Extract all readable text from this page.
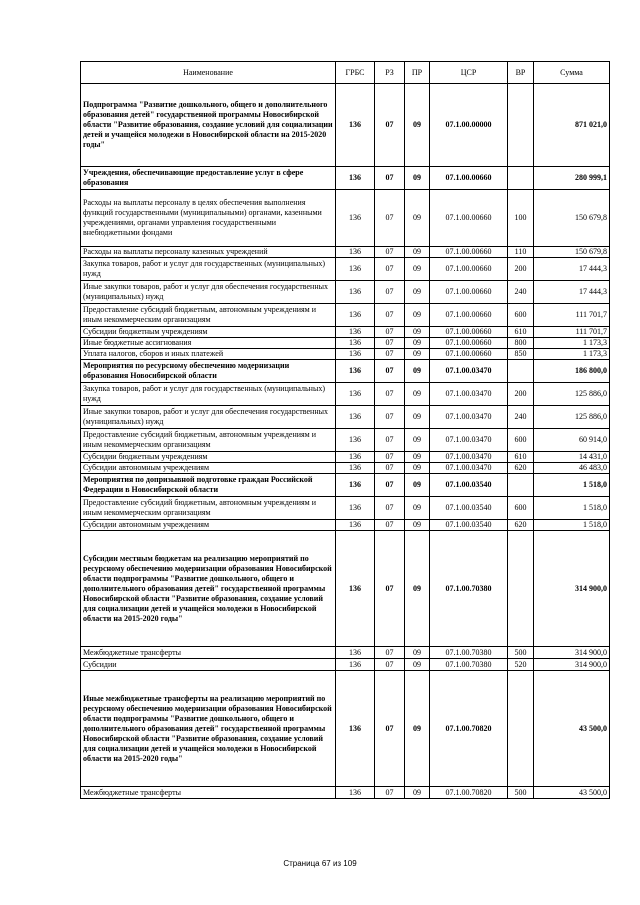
Наименование	ГРБС	РЗ	ПР	ЦСР	ВР	Сумма
Подпрограмма "Развитие дошкольного, общего и дополнительного образования детей" государственной программы Новосибирской области "Развитие образования, создание условий для социализации детей и учащейся молодежи в Новосибирской области на 2015-2020 годы"	136	07	09	07.1.00.00000		871 021,0
Учреждения, обеспечивающие предоставление услуг в сфере образования	136	07	09	07.1.00.00660		280 999,1
Расходы на выплаты персоналу в целях обеспечения выполнения функций государственными (муниципальными) органами, казенными учреждениями, органами управления государственными внебюджетными фондами	136	07	09	07.1.00.00660	100	150 679,8
Расходы на выплаты персоналу казенных учреждений	136	07	09	07.1.00.00660	110	150 679,8
Закупка товаров, работ и услуг для государственных (муниципальных) нужд	136	07	09	07.1.00.00660	200	17 444,3
Иные закупки товаров, работ и услуг для обеспечения государственных (муниципальных) нужд	136	07	09	07.1.00.00660	240	17 444,3
Предоставление субсидий бюджетным, автономным учреждениям и иным некоммерческим организациям	136	07	09	07.1.00.00660	600	111 701,7
Субсидии бюджетным учреждениям	136	07	09	07.1.00.00660	610	111 701,7
Иные бюджетные ассигнования	136	07	09	07.1.00.00660	800	1 173,3
Уплата налогов, сборов и иных платежей	136	07	09	07.1.00.00660	850	1 173,3
Мероприятия по ресурсному обеспечению модернизации образования Новосибирской области	136	07	09	07.1.00.03470		186 800,0
Закупка товаров, работ и услуг для государственных (муниципальных) нужд	136	07	09	07.1.00.03470	200	125 886,0
Иные закупки товаров, работ и услуг для обеспечения государственных (муниципальных) нужд	136	07	09	07.1.00.03470	240	125 886,0
Предоставление субсидий бюджетным, автономным учреждениям и иным некоммерческим организациям	136	07	09	07.1.00.03470	600	60 914,0
Субсидии бюджетным учреждениям	136	07	09	07.1.00.03470	610	14 431,0
Субсидии автономным учреждениям	136	07	09	07.1.00.03470	620	46 483,0
Мероприятия по допризывной подготовке граждан Российской Федерации в Новосибирской области	136	07	09	07.1.00.03540		1 518,0
Предоставление субсидий бюджетным, автономным учреждениям и иным некоммерческим организациям	136	07	09	07.1.00.03540	600	1 518,0
Субсидии автономным учреждениям	136	07	09	07.1.00.03540	620	1 518,0
Субсидии местным бюджетам на реализацию мероприятий по ресурсному обеспечению модернизации образования Новосибирской области подпрограммы "Развитие дошкольного, общего и дополнительного образования детей" государственной программы Новосибирской области "Развитие образования, создание условий для социализации детей и учащейся молодежи в Новосибирской области на 2015-2020 годы"	136	07	09	07.1.00.70380		314 900,0
Межбюджетные трансферты	136	07	09	07.1.00.70380	500	314 900,0
Субсидии	136	07	09	07.1.00.70380	520	314 900,0
Иные межбюджетные трансферты на реализацию мероприятий по ресурсному обеспечению модернизации образования Новосибирской области подпрограммы "Развитие дошкольного, общего и дополнительного образования детей" государственной программы Новосибирской области "Развитие образования, создание условий для социализации детей и учащейся молодежи в Новосибирской области на 2015-2020 годы"	136	07	09	07.1.00.70820		43 500,0
Межбюджетные трансферты	136	07	09	07.1.00.70820	500	43 500,0
Страница 67 из 109
